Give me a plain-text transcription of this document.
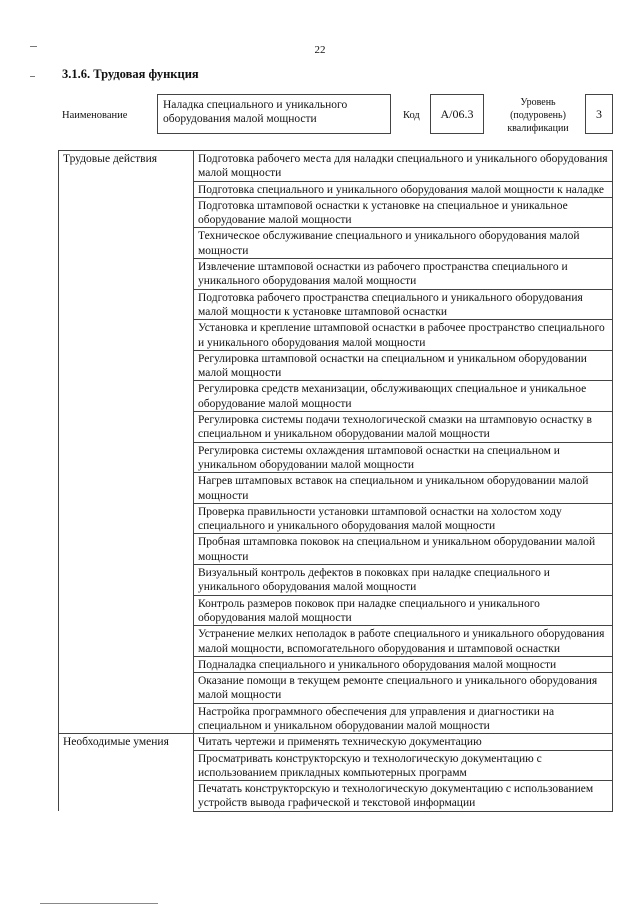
22
3.1.6. Трудовая функция
Наименование
Наладка специального и уникального оборудования малой мощности	Код	A/06.3
Уровень
(подуровень)
квалификации
3
Трудовые действия	Подготовка рабочего места для наладки специального и уникального оборудования малой мощности
	Подготовка специального и уникального оборудования малой мощности к наладке
	Подготовка штамповой оснастки к установке на специальное и уникальное оборудование малой мощности
	Техническое обслуживание специального и уникального оборудования малой мощности
	Извлечение штамповой оснастки из рабочего пространства специального и уникального оборудования малой мощности
	Подготовка рабочего пространства специального и уникального оборудования малой мощности к установке штамповой оснастки
	Установка и крепление штамповой оснастки в рабочее пространство специального и уникального оборудования малой мощности
	Регулировка штамповой оснастки на специальном и уникальном оборудовании малой мощности
	Регулировка средств механизации, обслуживающих специальное и уникальное оборудование малой мощности
	Регулировка системы подачи технологической смазки на штамповую оснастку в специальном и уникальном оборудовании малой мощности
	Регулировка системы охлаждения штамповой оснастки на специальном и уникальном оборудовании малой мощности
	Нагрев штамповых вставок на специальном и уникальном оборудовании малой мощности
	Проверка правильности установки штамповой оснастки на холостом ходу специального и уникального оборудования малой мощности
	Пробная штамповка поковок на специальном и уникальном оборудовании малой мощности
	Визуальный контроль дефектов в поковках при наладке специального и уникального оборудования малой мощности
	Контроль размеров поковок при наладке специального и уникального оборудования малой мощности
	Устранение мелких неполадок в работе специального и уникального оборудования малой мощности, вспомогательного оборудования и штамповой оснастки
	Подналадка специального и уникального оборудования малой мощности
	Оказание помощи в текущем ремонте специального и уникального оборудования малой мощности
	Настройка программного обеспечения для управления и диагностики на специальном и уникальном оборудовании малой мощности
Необходимые умения	Читать чертежи и применять техническую документацию
	Просматривать конструкторскую и технологическую документацию с использованием прикладных компьютерных программ
	Печатать конструкторскую и технологическую документацию с использованием устройств вывода графической и текстовой информации
